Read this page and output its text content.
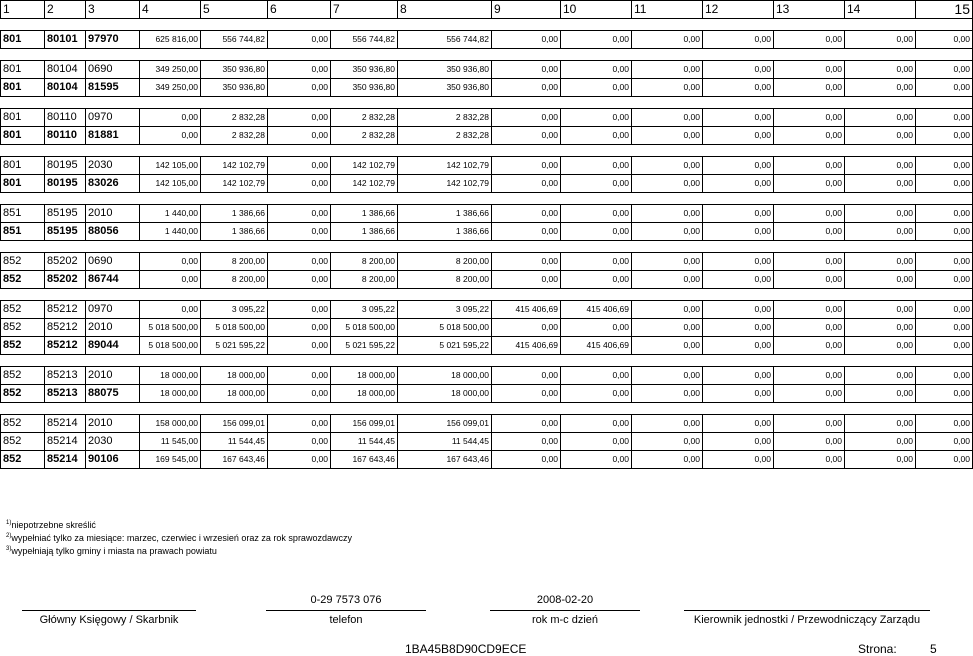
1	2	3	4	5	6	7	8	9	10	11	12	13	14	15

801	80101	97970	625 816,00	556 744,82	0,00	556 744,82	556 744,82	0,00	0,00	0,00	0,00	0,00	0,00	0,00

801	80104	0690	349 250,00	350 936,80	0,00	350 936,80	350 936,80	0,00	0,00	0,00	0,00	0,00	0,00	0,00
801	80104	81595	349 250,00	350 936,80	0,00	350 936,80	350 936,80	0,00	0,00	0,00	0,00	0,00	0,00	0,00

801	80110	0970	0,00	2 832,28	0,00	2 832,28	2 832,28	0,00	0,00	0,00	0,00	0,00	0,00	0,00
801	80110	81881	0,00	2 832,28	0,00	2 832,28	2 832,28	0,00	0,00	0,00	0,00	0,00	0,00	0,00

801	80195	2030	142 105,00	142 102,79	0,00	142 102,79	142 102,79	0,00	0,00	0,00	0,00	0,00	0,00	0,00
801	80195	83026	142 105,00	142 102,79	0,00	142 102,79	142 102,79	0,00	0,00	0,00	0,00	0,00	0,00	0,00

851	85195	2010	1 440,00	1 386,66	0,00	1 386,66	1 386,66	0,00	0,00	0,00	0,00	0,00	0,00	0,00
851	85195	88056	1 440,00	1 386,66	0,00	1 386,66	1 386,66	0,00	0,00	0,00	0,00	0,00	0,00	0,00

852	85202	0690	0,00	8 200,00	0,00	8 200,00	8 200,00	0,00	0,00	0,00	0,00	0,00	0,00	0,00
852	85202	86744	0,00	8 200,00	0,00	8 200,00	8 200,00	0,00	0,00	0,00	0,00	0,00	0,00	0,00

852	85212	0970	0,00	3 095,22	0,00	3 095,22	3 095,22	415 406,69	415 406,69	0,00	0,00	0,00	0,00	0,00
852	85212	2010	5 018 500,00	5 018 500,00	0,00	5 018 500,00	5 018 500,00	0,00	0,00	0,00	0,00	0,00	0,00	0,00
852	85212	89044	5 018 500,00	5 021 595,22	0,00	5 021 595,22	5 021 595,22	415 406,69	415 406,69	0,00	0,00	0,00	0,00	0,00

852	85213	2010	18 000,00	18 000,00	0,00	18 000,00	18 000,00	0,00	0,00	0,00	0,00	0,00	0,00	0,00
852	85213	88075	18 000,00	18 000,00	0,00	18 000,00	18 000,00	0,00	0,00	0,00	0,00	0,00	0,00	0,00

852	85214	2010	158 000,00	156 099,01	0,00	156 099,01	156 099,01	0,00	0,00	0,00	0,00	0,00	0,00	0,00
852	85214	2030	11 545,00	11 544,45	0,00	11 544,45	11 544,45	0,00	0,00	0,00	0,00	0,00	0,00	0,00
852	85214	90106	169 545,00	167 643,46	0,00	167 643,46	167 643,46	0,00	0,00	0,00	0,00	0,00	0,00	0,00
$^{1)}$niepotrzebne skreślić
$^{2)}$wypełniać tylko za miesiące: marzec, czerwiec i wrzesień oraz za rok sprawozdawczy
$^{3)}$wypełniają tylko gminy i miasta na prawach powiatu
Główny Księgowy / Skarbnik
0-29 7573 076
telefon
2008-02-20
rok m-c dzień	Kierownik jednostki / Przewodniczący Zarządu
1BA45B8D90CD9ECE	Strona:	5
